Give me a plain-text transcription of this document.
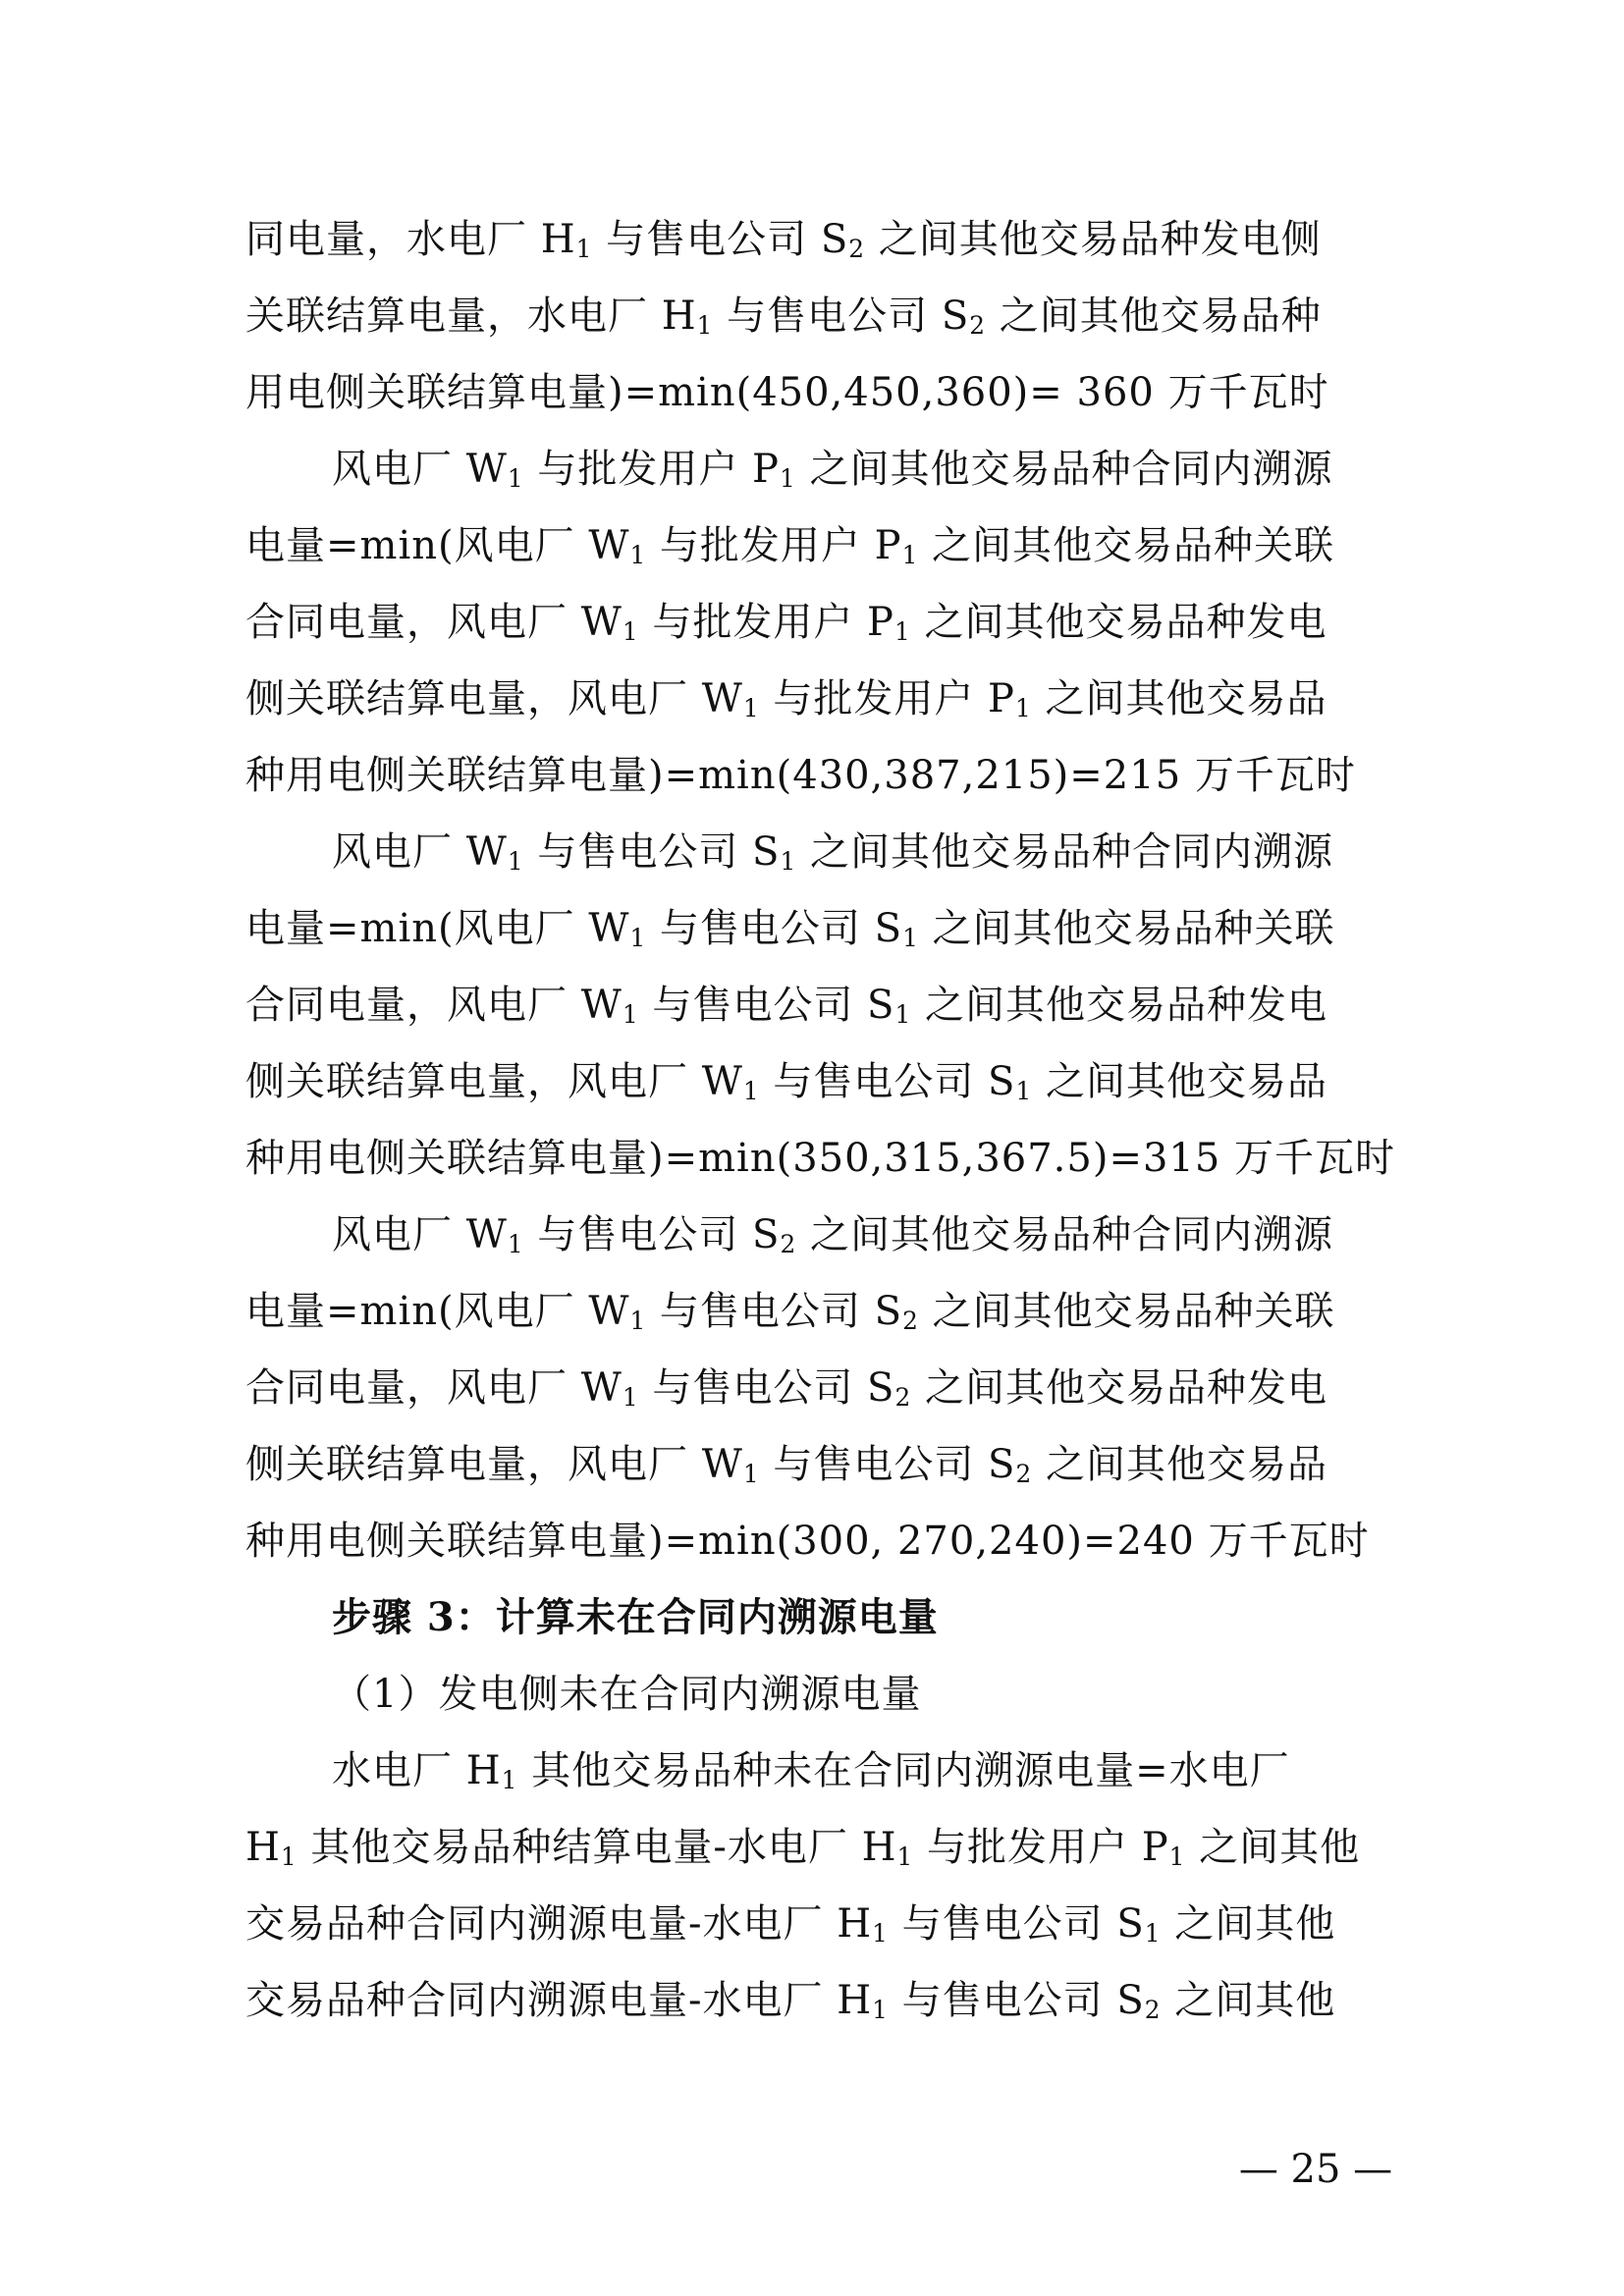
同电量，水电厂 H1 与售电公司 S2 之间其他交易品种发电侧
关联结算电量，水电厂 H1 与售电公司 S2 之间其他交易品种
用电侧关联结算电量)=min(450,450,360)= 360 万千瓦时
风电厂 W1 与批发用户 P1 之间其他交易品种合同内溯源
电量=min(风电厂 W1 与批发用户 P1 之间其他交易品种关联
合同电量，风电厂 W1 与批发用户 P1 之间其他交易品种发电
侧关联结算电量，风电厂 W1 与批发用户 P1 之间其他交易品
种用电侧关联结算电量)=min(430,387,215)=215 万千瓦时
风电厂 W1 与售电公司 S1 之间其他交易品种合同内溯源
电量=min(风电厂 W1 与售电公司 S1 之间其他交易品种关联
合同电量，风电厂 W1 与售电公司 S1 之间其他交易品种发电
侧关联结算电量，风电厂 W1 与售电公司 S1 之间其他交易品
种用电侧关联结算电量)=min(350,315,367.5)=315 万千瓦时
风电厂 W1 与售电公司 S2 之间其他交易品种合同内溯源
电量=min(风电厂 W1 与售电公司 S2 之间其他交易品种关联
合同电量，风电厂 W1 与售电公司 S2 之间其他交易品种发电
侧关联结算电量，风电厂 W1 与售电公司 S2 之间其他交易品
种用电侧关联结算电量)=min(300, 270,240)=240 万千瓦时
步骤 3：计算未在合同内溯源电量
（1）发电侧未在合同内溯源电量
水电厂 H1 其他交易品种未在合同内溯源电量=水电厂
H1 其他交易品种结算电量-水电厂 H1 与批发用户 P1 之间其他
交易品种合同内溯源电量-水电厂 H1 与售电公司 S1 之间其他
交易品种合同内溯源电量-水电厂 H1 与售电公司 S2 之间其他
— 25 —
